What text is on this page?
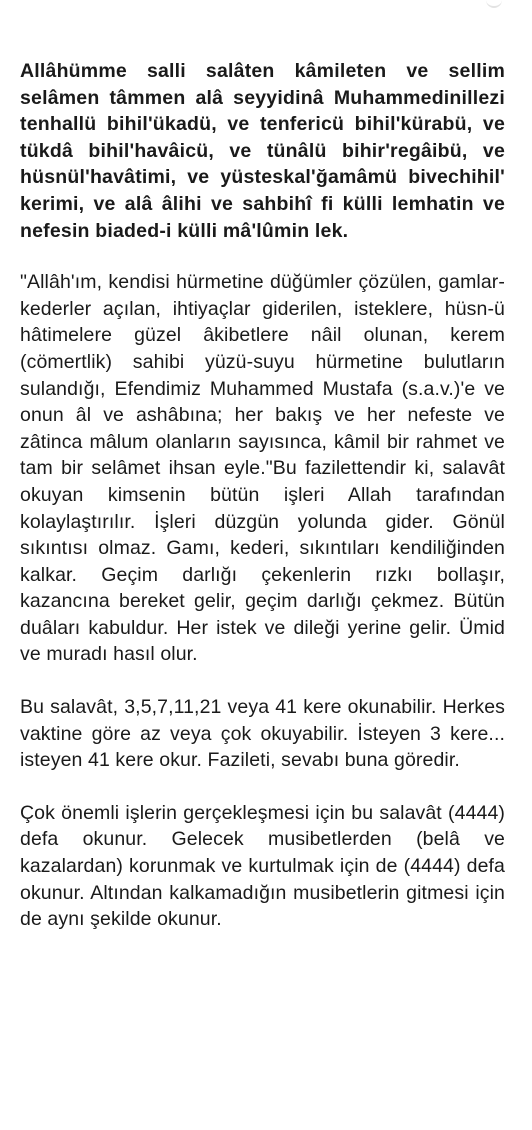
Allâhümme salli salâten kâmileten ve sellim selâmen tâmmen alâ seyyidinâ Muhammedinillezi tenhallü bihil'ükadü, ve tenfericü bihil'kürabü, ve tükdâ bihil'havâicü, ve tünâlü bihir'regâibü, ve hüsnül'havâtimi, ve yüsteskal'ğamâmü bivechihil' kerimi, ve alâ âlihi ve sahbihî fi külli lemhatin ve nefesin biaded-i külli mâ'lûmin lek.

"Allâh'ım, kendisi hürmetine düğümler çözülen, gamlar-kederler açılan, ihtiyaçlar giderilen, isteklere, hüsn-ü hâtimelere güzel âkibetlere nâil olunan, kerem (cömertlik) sahibi yüzü-suyu hürmetine bulutların sulandığı, Efendimiz Muhammed Mustafa (s.a.v.)'e ve onun âl ve ashâbına; her bakış ve her nefeste ve zâtinca mâlum olanların sayısınca, kâmil bir rahmet ve tam bir selâmet ihsan eyle."Bu fazilettendir ki, salavât okuyan kimsenin bütün işleri Allah tarafından kolaylaştırılır. İşleri düzgün yolunda gider. Gönül sıkıntısı olmaz. Gamı, kederi, sıkıntıları kendiliğinden kalkar. Geçim darlığı çekenlerin rızkı bollaşır, kazancına bereket gelir, geçim darlığı çekmez. Bütün duâları kabuldur. Her istek ve dileği yerine gelir. Ümid ve muradı hasıl olur.

Bu salavât, 3,5,7,11,21 veya 41 kere okunabilir. Herkes vaktine göre az veya çok okuyabilir. İsteyen 3 kere... isteyen 41 kere okur. Fazileti, sevabı buna göredir.

Çok önemli işlerin gerçekleşmesi için bu salavât (4444) defa okunur. Gelecek musibetlerden (belâ ve kazalardan) korunmak ve kurtulmak için de (4444) defa okunur. Altından kalkamadığın musibetlerin gitmesi için de aynı şekilde okunur.
